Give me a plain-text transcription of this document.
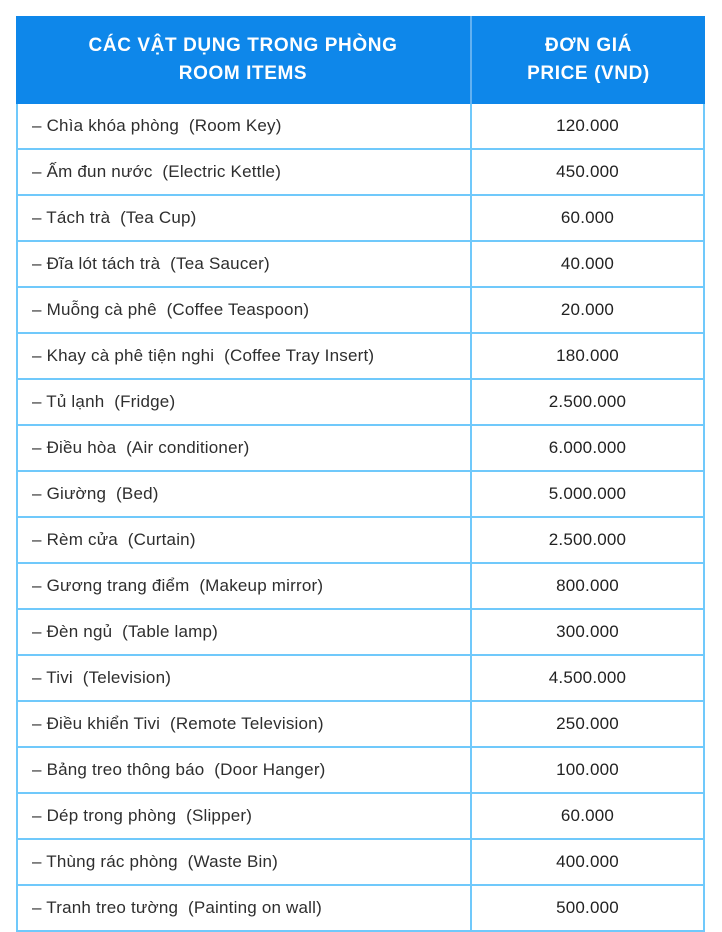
CÁC VẬT DỤNG TRONG PHÒNG
ROOM ITEMS
ĐƠN GIÁ
PRICE (VND)
– Chìa khóa phòng  (Room Key)	120.000
– Ấm đun nước  (Electric Kettle)	450.000
– Tách trà  (Tea Cup)	60.000
– Đĩa lót tách trà  (Tea Saucer)	40.000
– Muỗng cà phê  (Coffee Teaspoon)	20.000
– Khay cà phê tiện nghi  (Coffee Tray Insert)	180.000
– Tủ lạnh  (Fridge)	2.500.000
– Điều hòa  (Air conditioner)	6.000.000
– Giường  (Bed)	5.000.000
– Rèm cửa  (Curtain)	2.500.000
– Gương trang điểm  (Makeup mirror)	800.000
– Đèn ngủ  (Table lamp)	300.000
– Tivi  (Television)	4.500.000
– Điều khiển Tivi  (Remote Television)	250.000
– Bảng treo thông báo  (Door Hanger)	100.000
– Dép trong phòng  (Slipper)	60.000
– Thùng rác phòng  (Waste Bin)	400.000
– Tranh treo tường  (Painting on wall)	500.000
